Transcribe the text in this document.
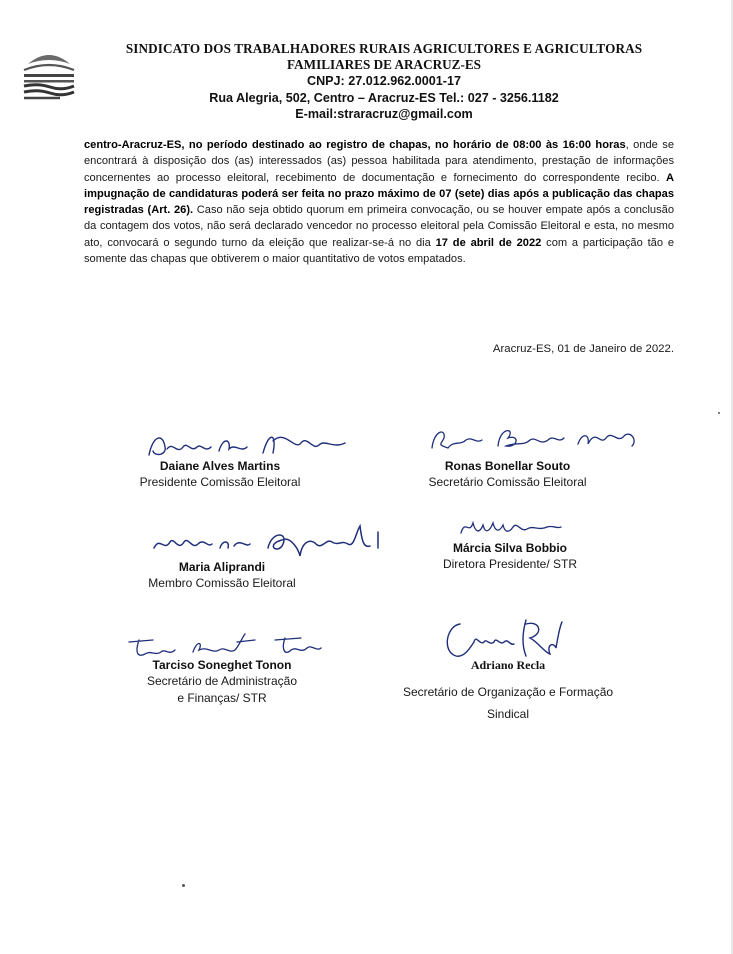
SINDICATO DOS TRABALHADORES RURAIS AGRICULTORES E AGRICULTORAS
FAMILIARES DE ARACRUZ-ES
CNPJ: 27.012.962.0001-17
Rua Alegria, 502, Centro – Aracruz-ES Tel.: 027 - 3256.1182
E-mail:straracruz@gmail.com
centro-Aracruz-ES, no período destinado ao registro de chapas, no horário de 08:00 às 16:00 horas, onde se encontrará à disposição dos (as) interessados (as) pessoa habilitada para atendimento, prestação de informações concernentes ao processo eleitoral, recebimento de documentação e fornecimento do correspondente recibo. A impugnação de candidaturas poderá ser feita no prazo máximo de 07 (sete) dias após a publicação das chapas registradas (Art. 26). Caso não seja obtido quorum em primeira convocação, ou se houver empate após a conclusão da contagem dos votos, não será declarado vencedor no processo eleitoral pela Comissão Eleitoral e esta, no mesmo ato, convocará o segundo turno da eleição que realizar-se-á no dia 17 de abril de 2022 com a participação tão e somente das chapas que obtiverem o maior quantitativo de votos empatados.
Aracruz-ES, 01 de Janeiro de 2022.
Daiane Alves Martins
Presidente Comissão Eleitoral
Ronas Bonellar Souto
Secretário Comissão Eleitoral
Maria Aliprandi
Membro Comissão Eleitoral
Márcia Silva Bobbio
Diretora Presidente/ STR
Tarciso Soneghet Tonon
Secretário de Administração
e Finanças/ STR
Adriano Recla
Secretário de Organização e Formação
Sindical
